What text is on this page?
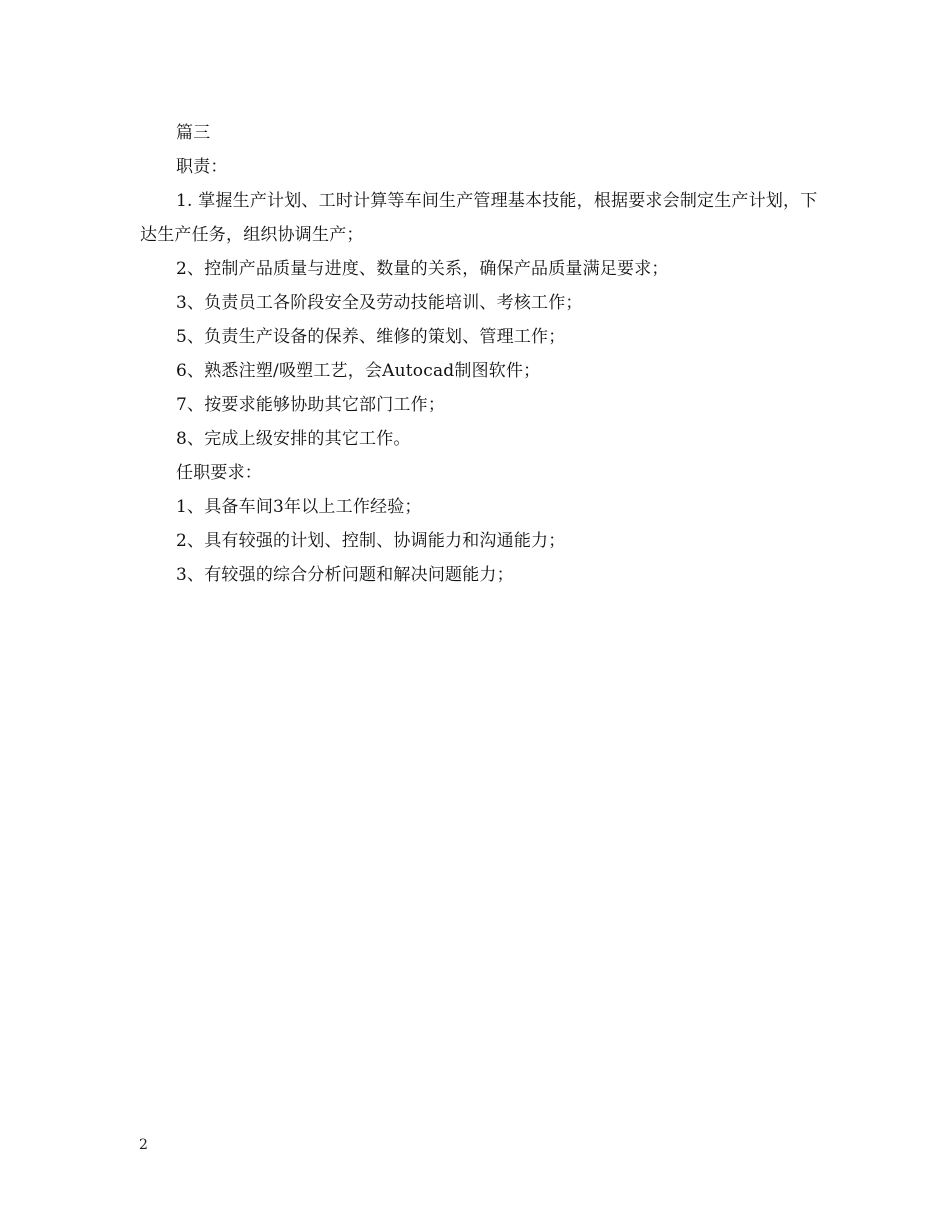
篇三

职责：

1. 掌握生产计划、工时计算等车间生产管理基本技能，根据要求会制定生产计划，下达生产任务，组织协调生产；

2、控制产品质量与进度、数量的关系，确保产品质量满足要求；

3、负责员工各阶段安全及劳动技能培训、考核工作；

5、负责生产设备的保养、维修的策划、管理工作；

6、熟悉注塑/吸塑工艺，会Autocad制图软件；

7、按要求能够协助其它部门工作；

8、完成上级安排的其它工作。

任职要求：

1、具备车间3年以上工作经验；

2、具有较强的计划、控制、协调能力和沟通能力；

3、有较强的综合分析问题和解决问题能力；

2
